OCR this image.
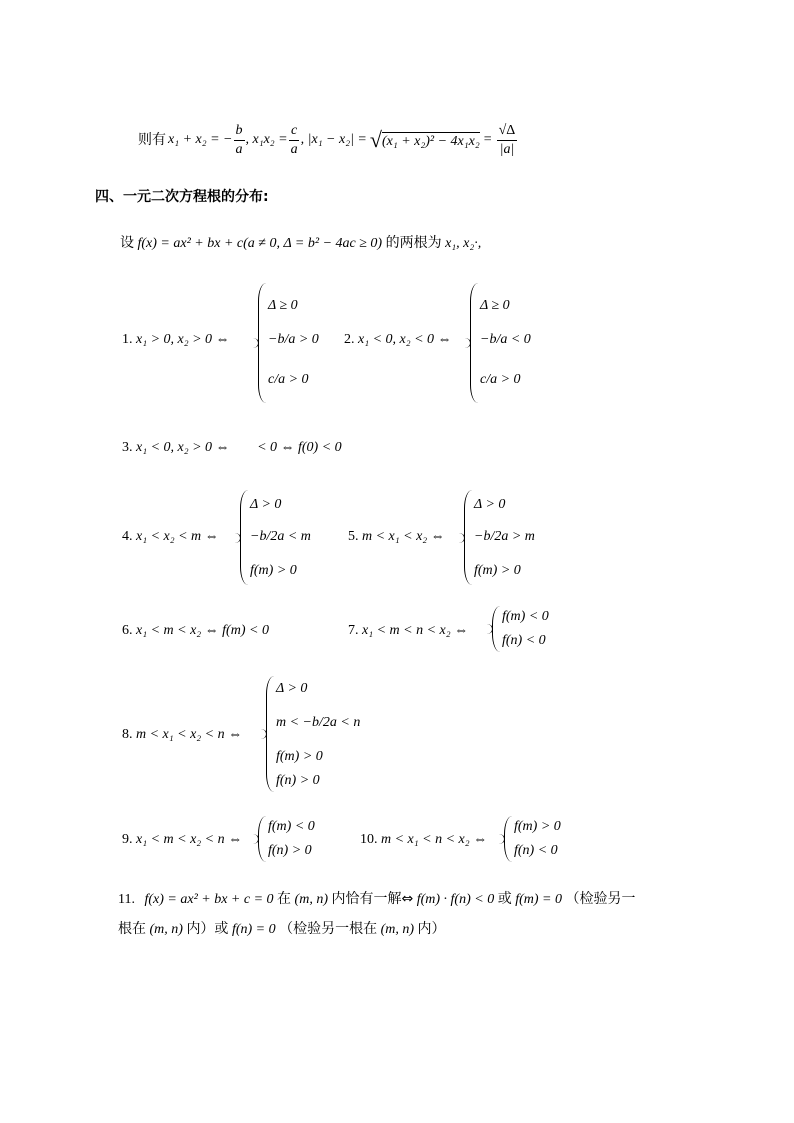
则有 x₁ + x₂ = − $\frac{b}{a}$ , $x_1x_2 = \frac{c}{a}$ , |x₁ − x₂| = √ $(x_1 + x_2)^2 - 4x_1x_2 = \frac{√\Delta}{|a|}$
四、一元二次方程根的分布:
设 f(x) = ax² + bx + c(a ≠ 0, Δ = b² − 4ac ≥ 0) 的两根为 x₁, x₂·,
1. x₁ > 0, x₂ > 0 ⇔
Δ ≥ 0
−b/a > 0
c/a > 0
2. x₁ < 0, x₂ < 0 ⇔
Δ ≥ 0
−b/a < 0
c/a > 0
3. x₁ < 0, x₂ > 0 ⇔ < 0 ⇔ f(0) < 0
4. x₁ < x₂ < m ⇔
Δ > 0
−b/2a < m
f(m) > 0
5. m < x₁ < x₂ ⇔
Δ > 0
−b/2a > m
f(m) > 0
6. x₁ < m < x₂ ⇔ f(m) < 0	7. x₁ < m < n < x₂ ⇔
f(m) < 0
f(n) < 0
8. m < x₁ < x₂ < n ⇔
Δ > 0
m < −b/2a < n
f(m) > 0
f(n) > 0
9. x₁ < m < x₂ < n ⇔
f(m) < 0
f(n) > 0
10. m < x₁ < n < x₂ ⇔
f(m) > 0
f(n) < 0
11. f(x) = ax² + bx + c = 0 在 (m, n) 内恰有一解⇔ f(m) · f(n) < 0 或 f(m) = 0 （检验另一
根在 (m, n) 内）或 f(n) = 0 （检验另一根在 (m, n) 内）
